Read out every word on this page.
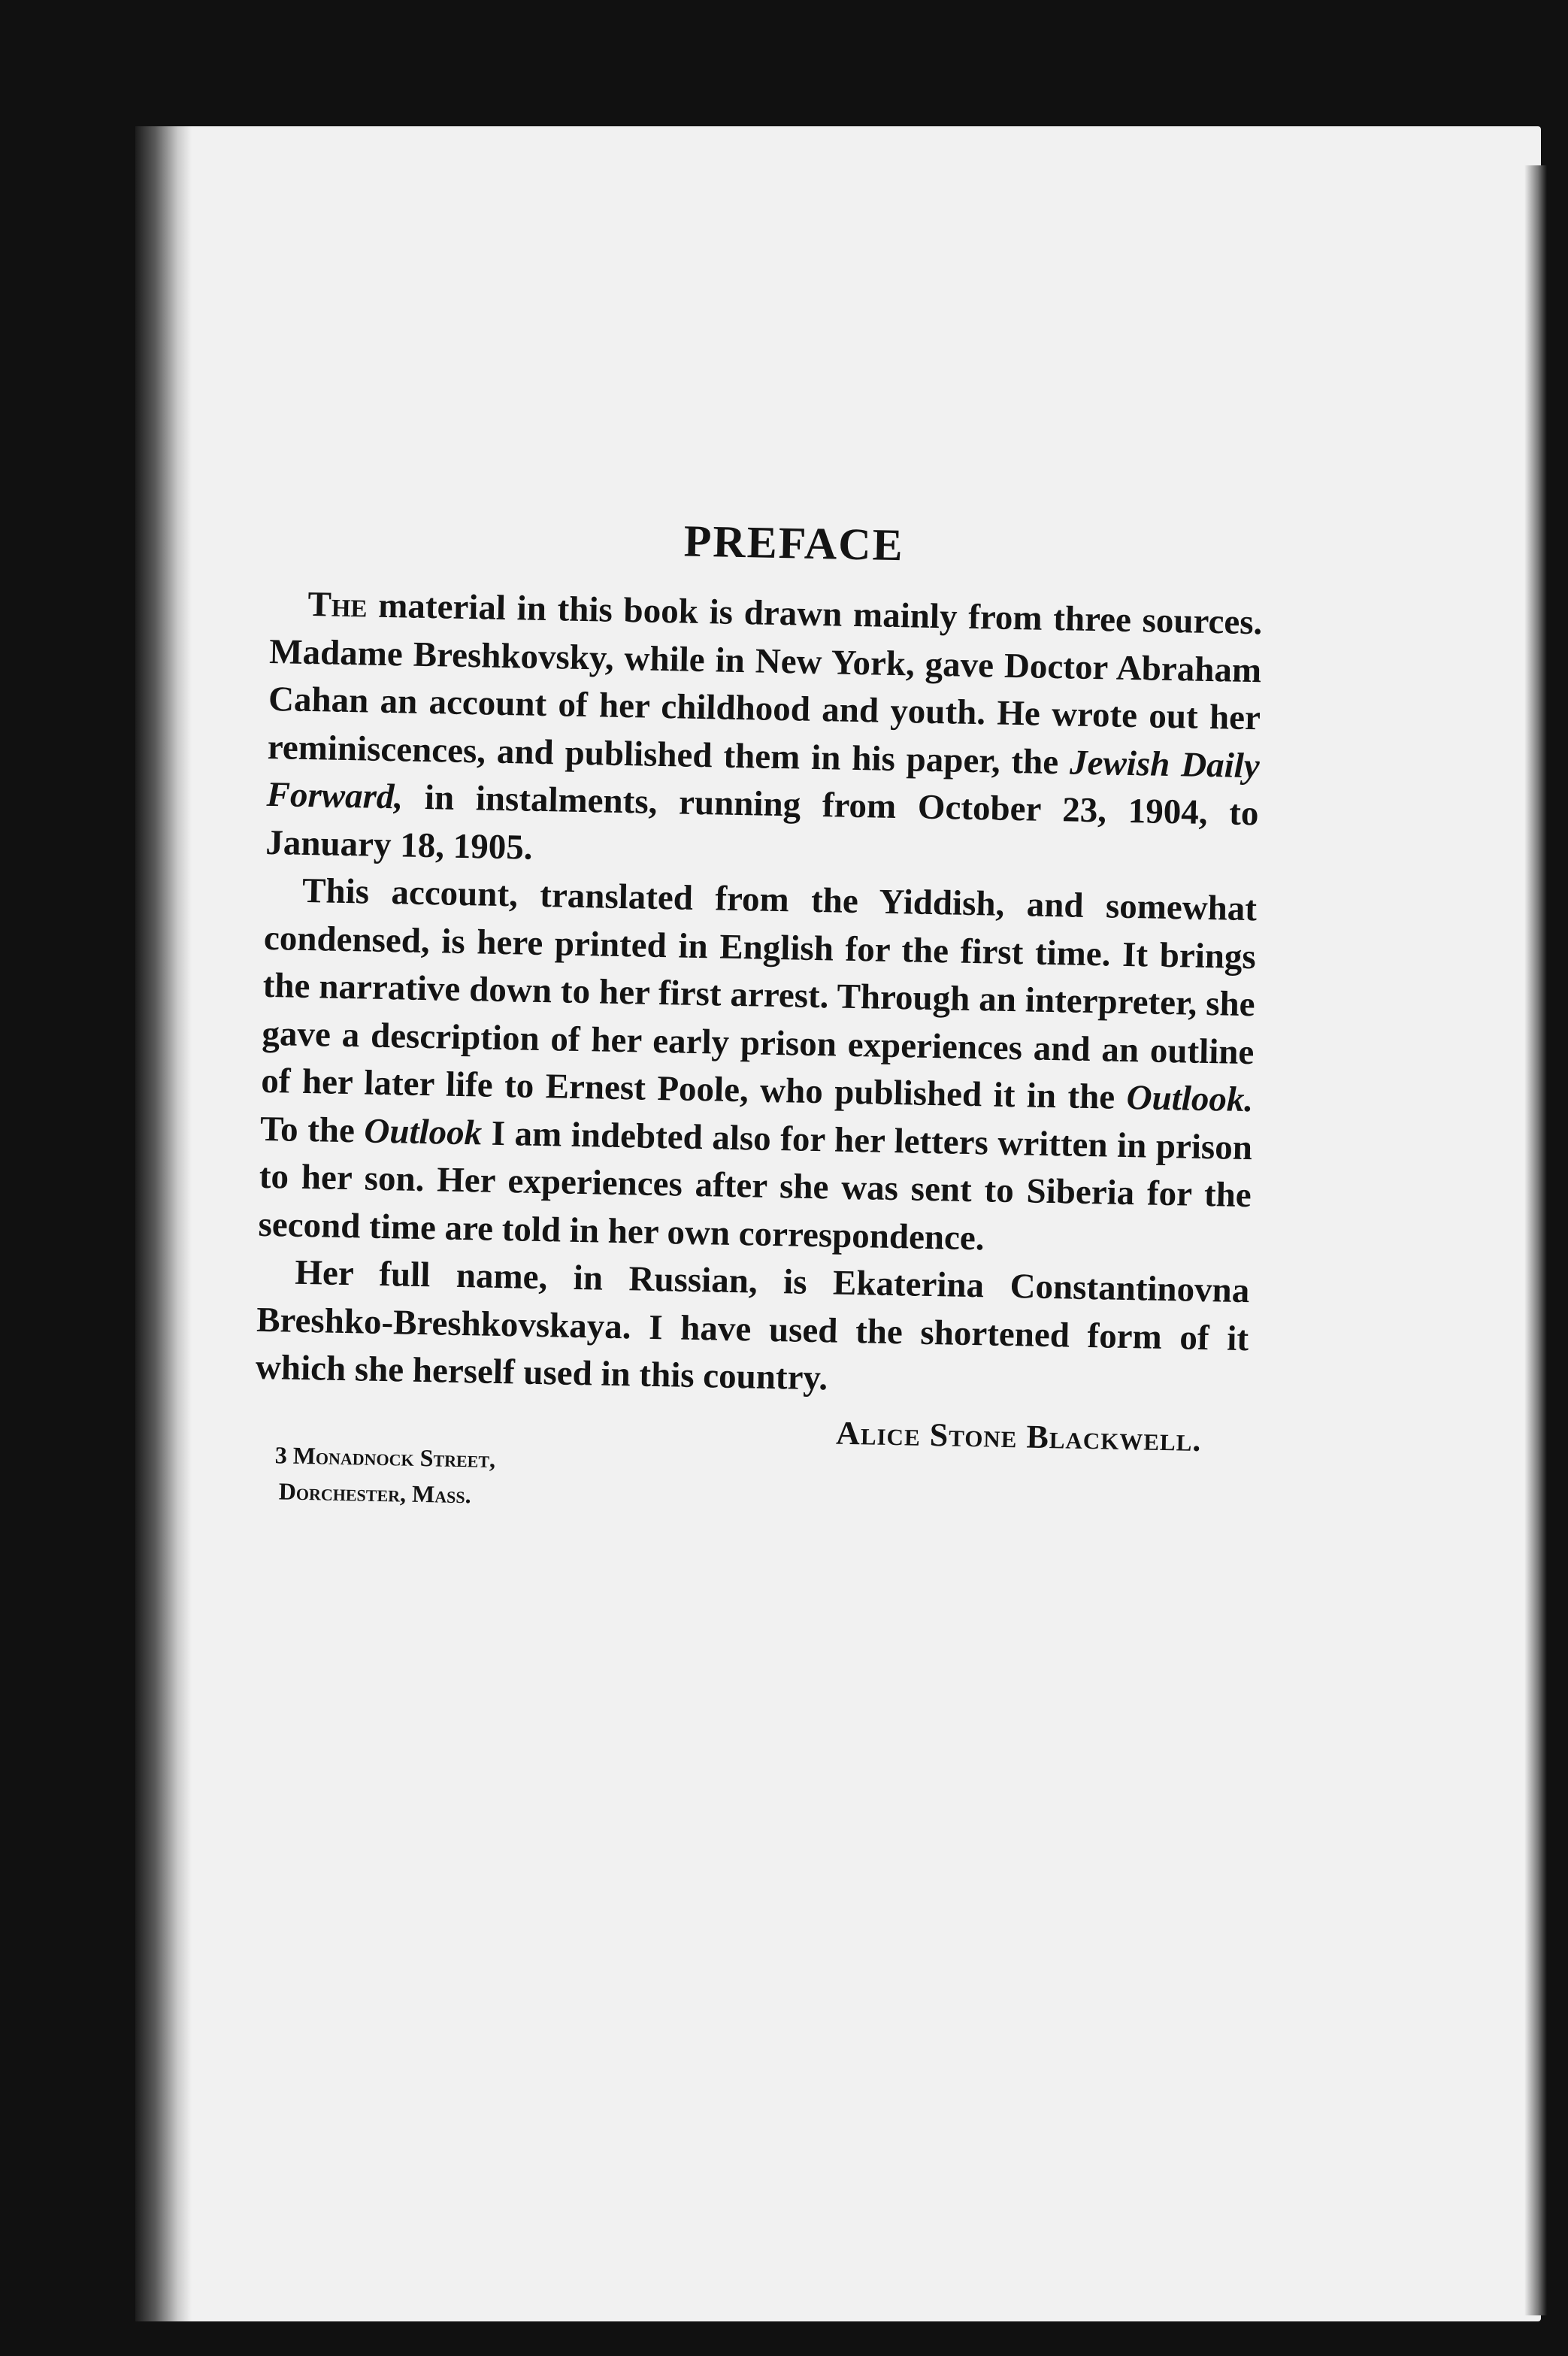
PREFACE

The material in this book is drawn mainly from three sources. Madame Breshkovsky, while in New York, gave Doctor Abraham Cahan an account of her childhood and youth. He wrote out her reminiscences, and published them in his paper, the Jewish Daily Forward, in instalments, running from October 23, 1904, to January 18, 1905.

This account, translated from the Yiddish, and somewhat condensed, is here printed in English for the first time. It brings the narrative down to her first arrest. Through an interpreter, she gave a description of her early prison experiences and an outline of her later life to Ernest Poole, who published it in the Outlook. To the Outlook I am indebted also for her letters written in prison to her son. Her experiences after she was sent to Siberia for the second time are told in her own correspondence.

Her full name, in Russian, is Ekaterina Constantinovna Breshko-Breshkovskaya. I have used the shortened form of it which she herself used in this country.

Alice Stone Blackwell.
3 Monadnock Street,
Dorchester, Mass.
